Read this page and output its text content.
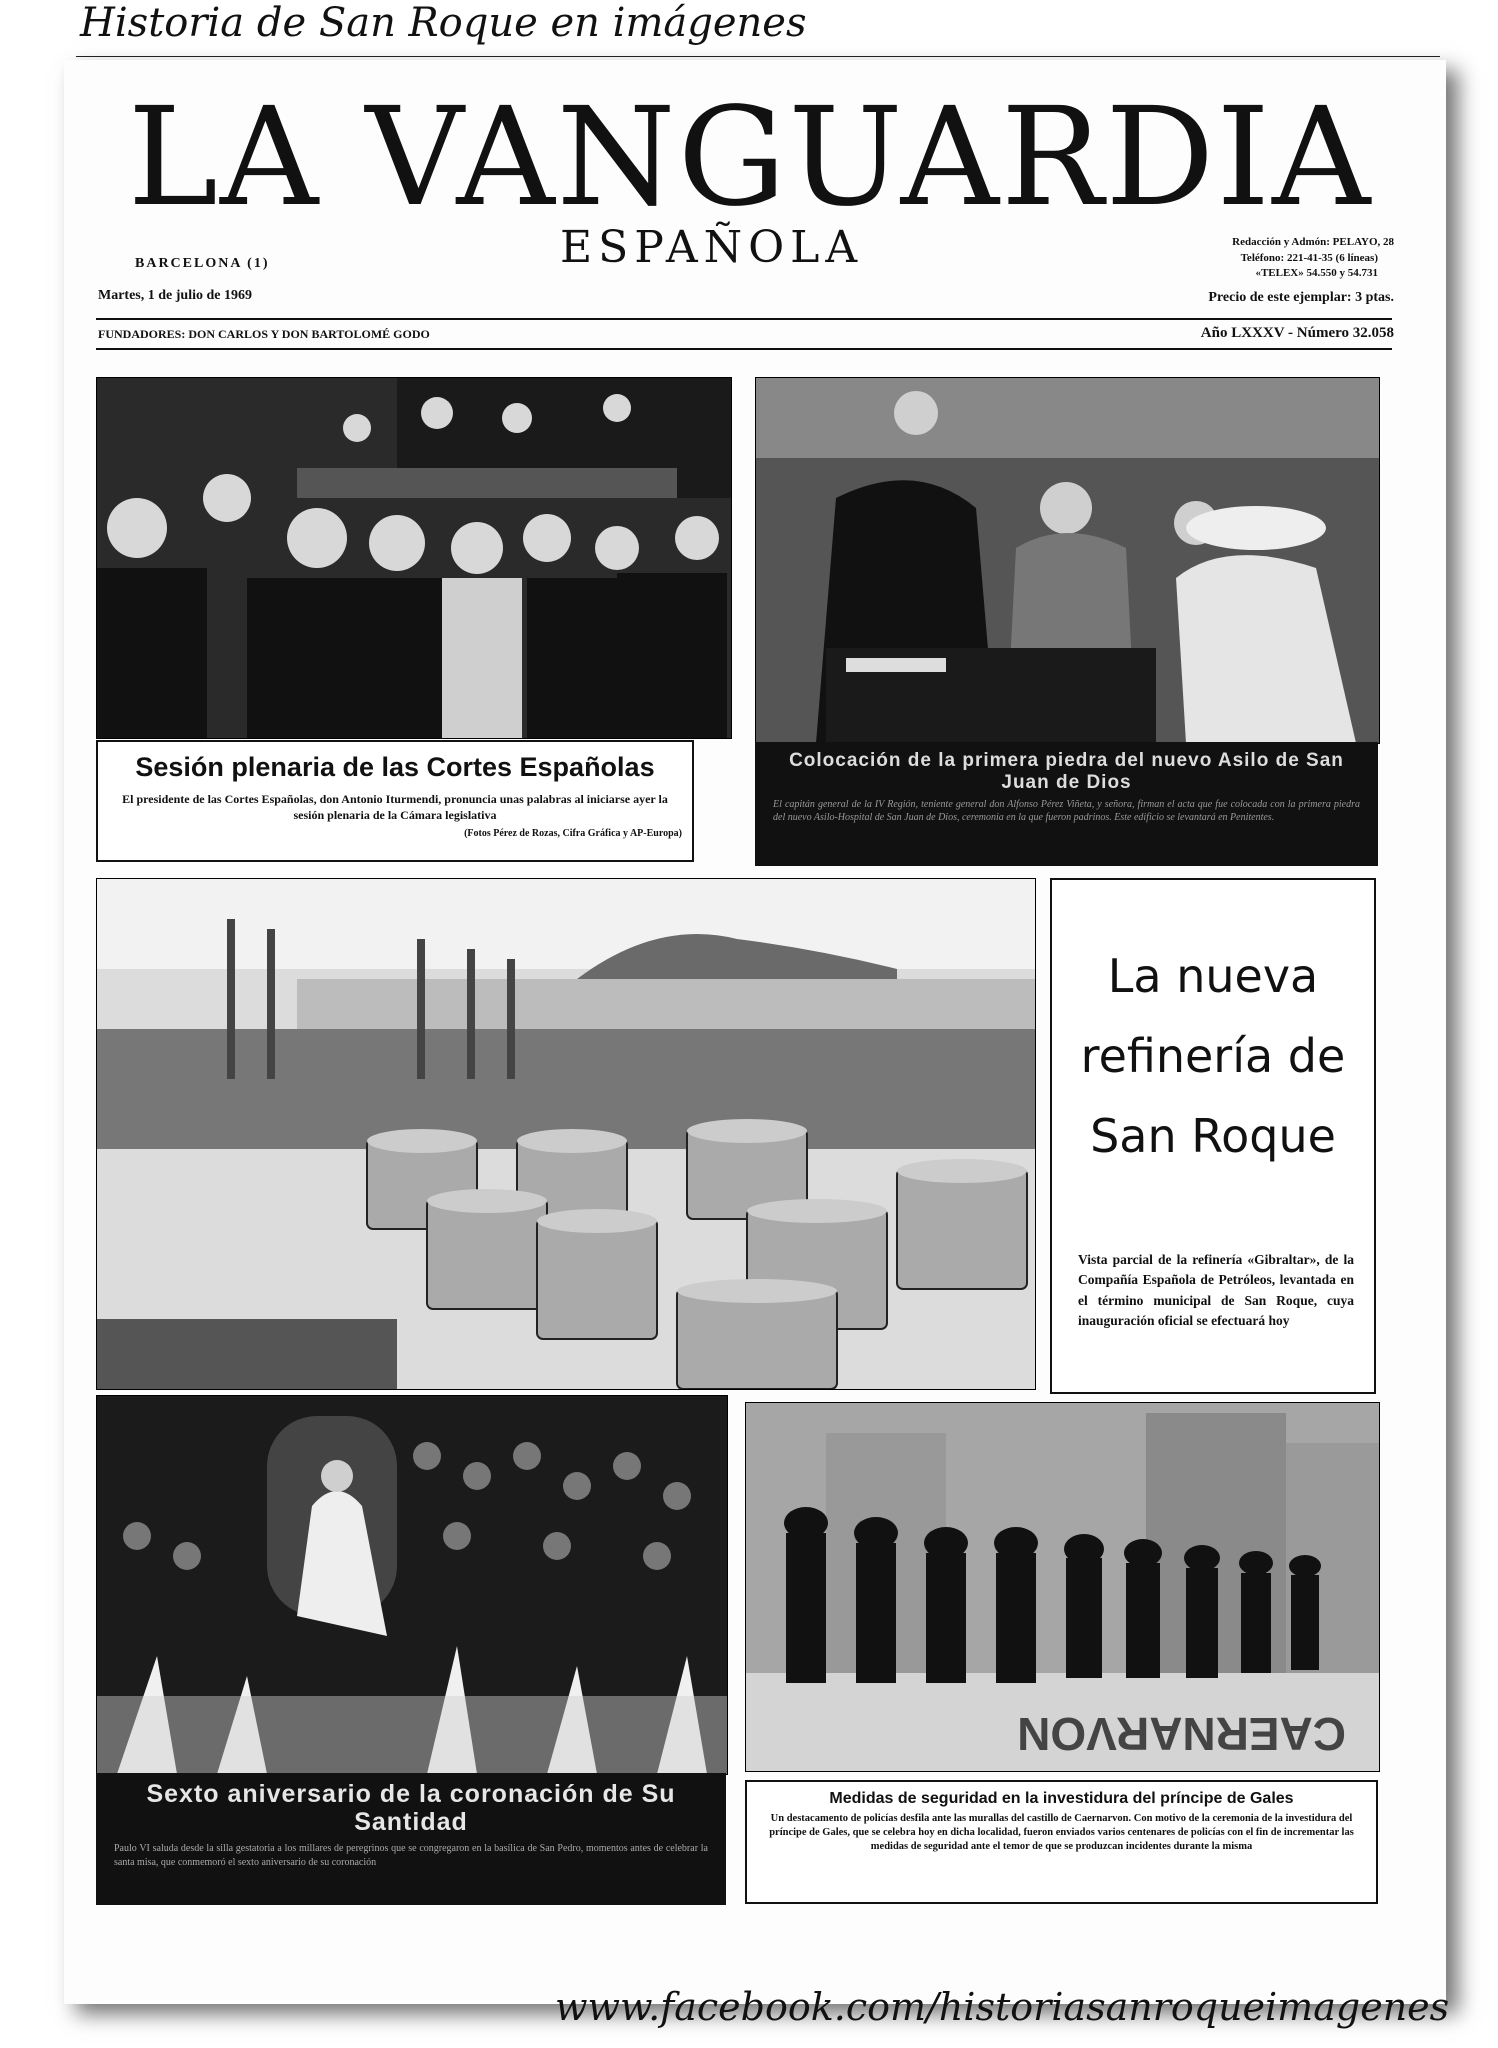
Historia de San Roque en imágenes
LA VANGUARDIA
ESPAÑOLA
BARCELONA (1)
Martes, 1 de julio de 1969
Redacción y Admón: PELAYO, 28
Teléfono: 221-41-35 (6 líneas)
«TELEX» 54.550 y 54.731
Precio de este ejemplar: 3 ptas.
FUNDADORES: DON CARLOS Y DON BARTOLOMÉ GODO	Año LXXXV - Número 32.058
Sesión plenaria de las Cortes Españolas
El presidente de las Cortes Españolas, don Antonio Iturmendi, pronuncia unas palabras al iniciarse ayer la sesión plenaria de la Cámara legislativa
(Fotos Pérez de Rozas, Cifra Gráfica y AP-Europa)
Colocación de la primera piedra del nuevo Asilo de San Juan de Dios
El capitán general de la IV Región, teniente general don Alfonso Pérez Viñeta, y señora, firman el acta que fue colocada con la primera piedra del nuevo Asilo-Hospital de San Juan de Dios, ceremonia en la que fueron padrinos. Este edificio se levantará en Penitentes.
La nueva refinería de San Roque
Vista parcial de la refinería «Gibraltar», de la Compañía Española de Petróleos, levantada en el término municipal de San Roque, cuya inauguración oficial se efectuará hoy
Sexto aniversario de la coronación de Su Santidad
Paulo VI saluda desde la silla gestatoria a los millares de peregrinos que se congregaron en la basílica de San Pedro, momentos antes de celebrar la santa misa, que conmemoró el sexto aniversario de su coronación
CAERNARVON
Medidas de seguridad en la investidura del príncipe de Gales
Un destacamento de policías desfila ante las murallas del castillo de Caernarvon. Con motivo de la ceremonia de la investidura del príncipe de Gales, que se celebra hoy en dicha localidad, fueron enviados varios centenares de policías con el fin de incrementar las medidas de seguridad ante el temor de que se produzcan incidentes durante la misma
www.facebook.com/historiasanroqueimagenes
